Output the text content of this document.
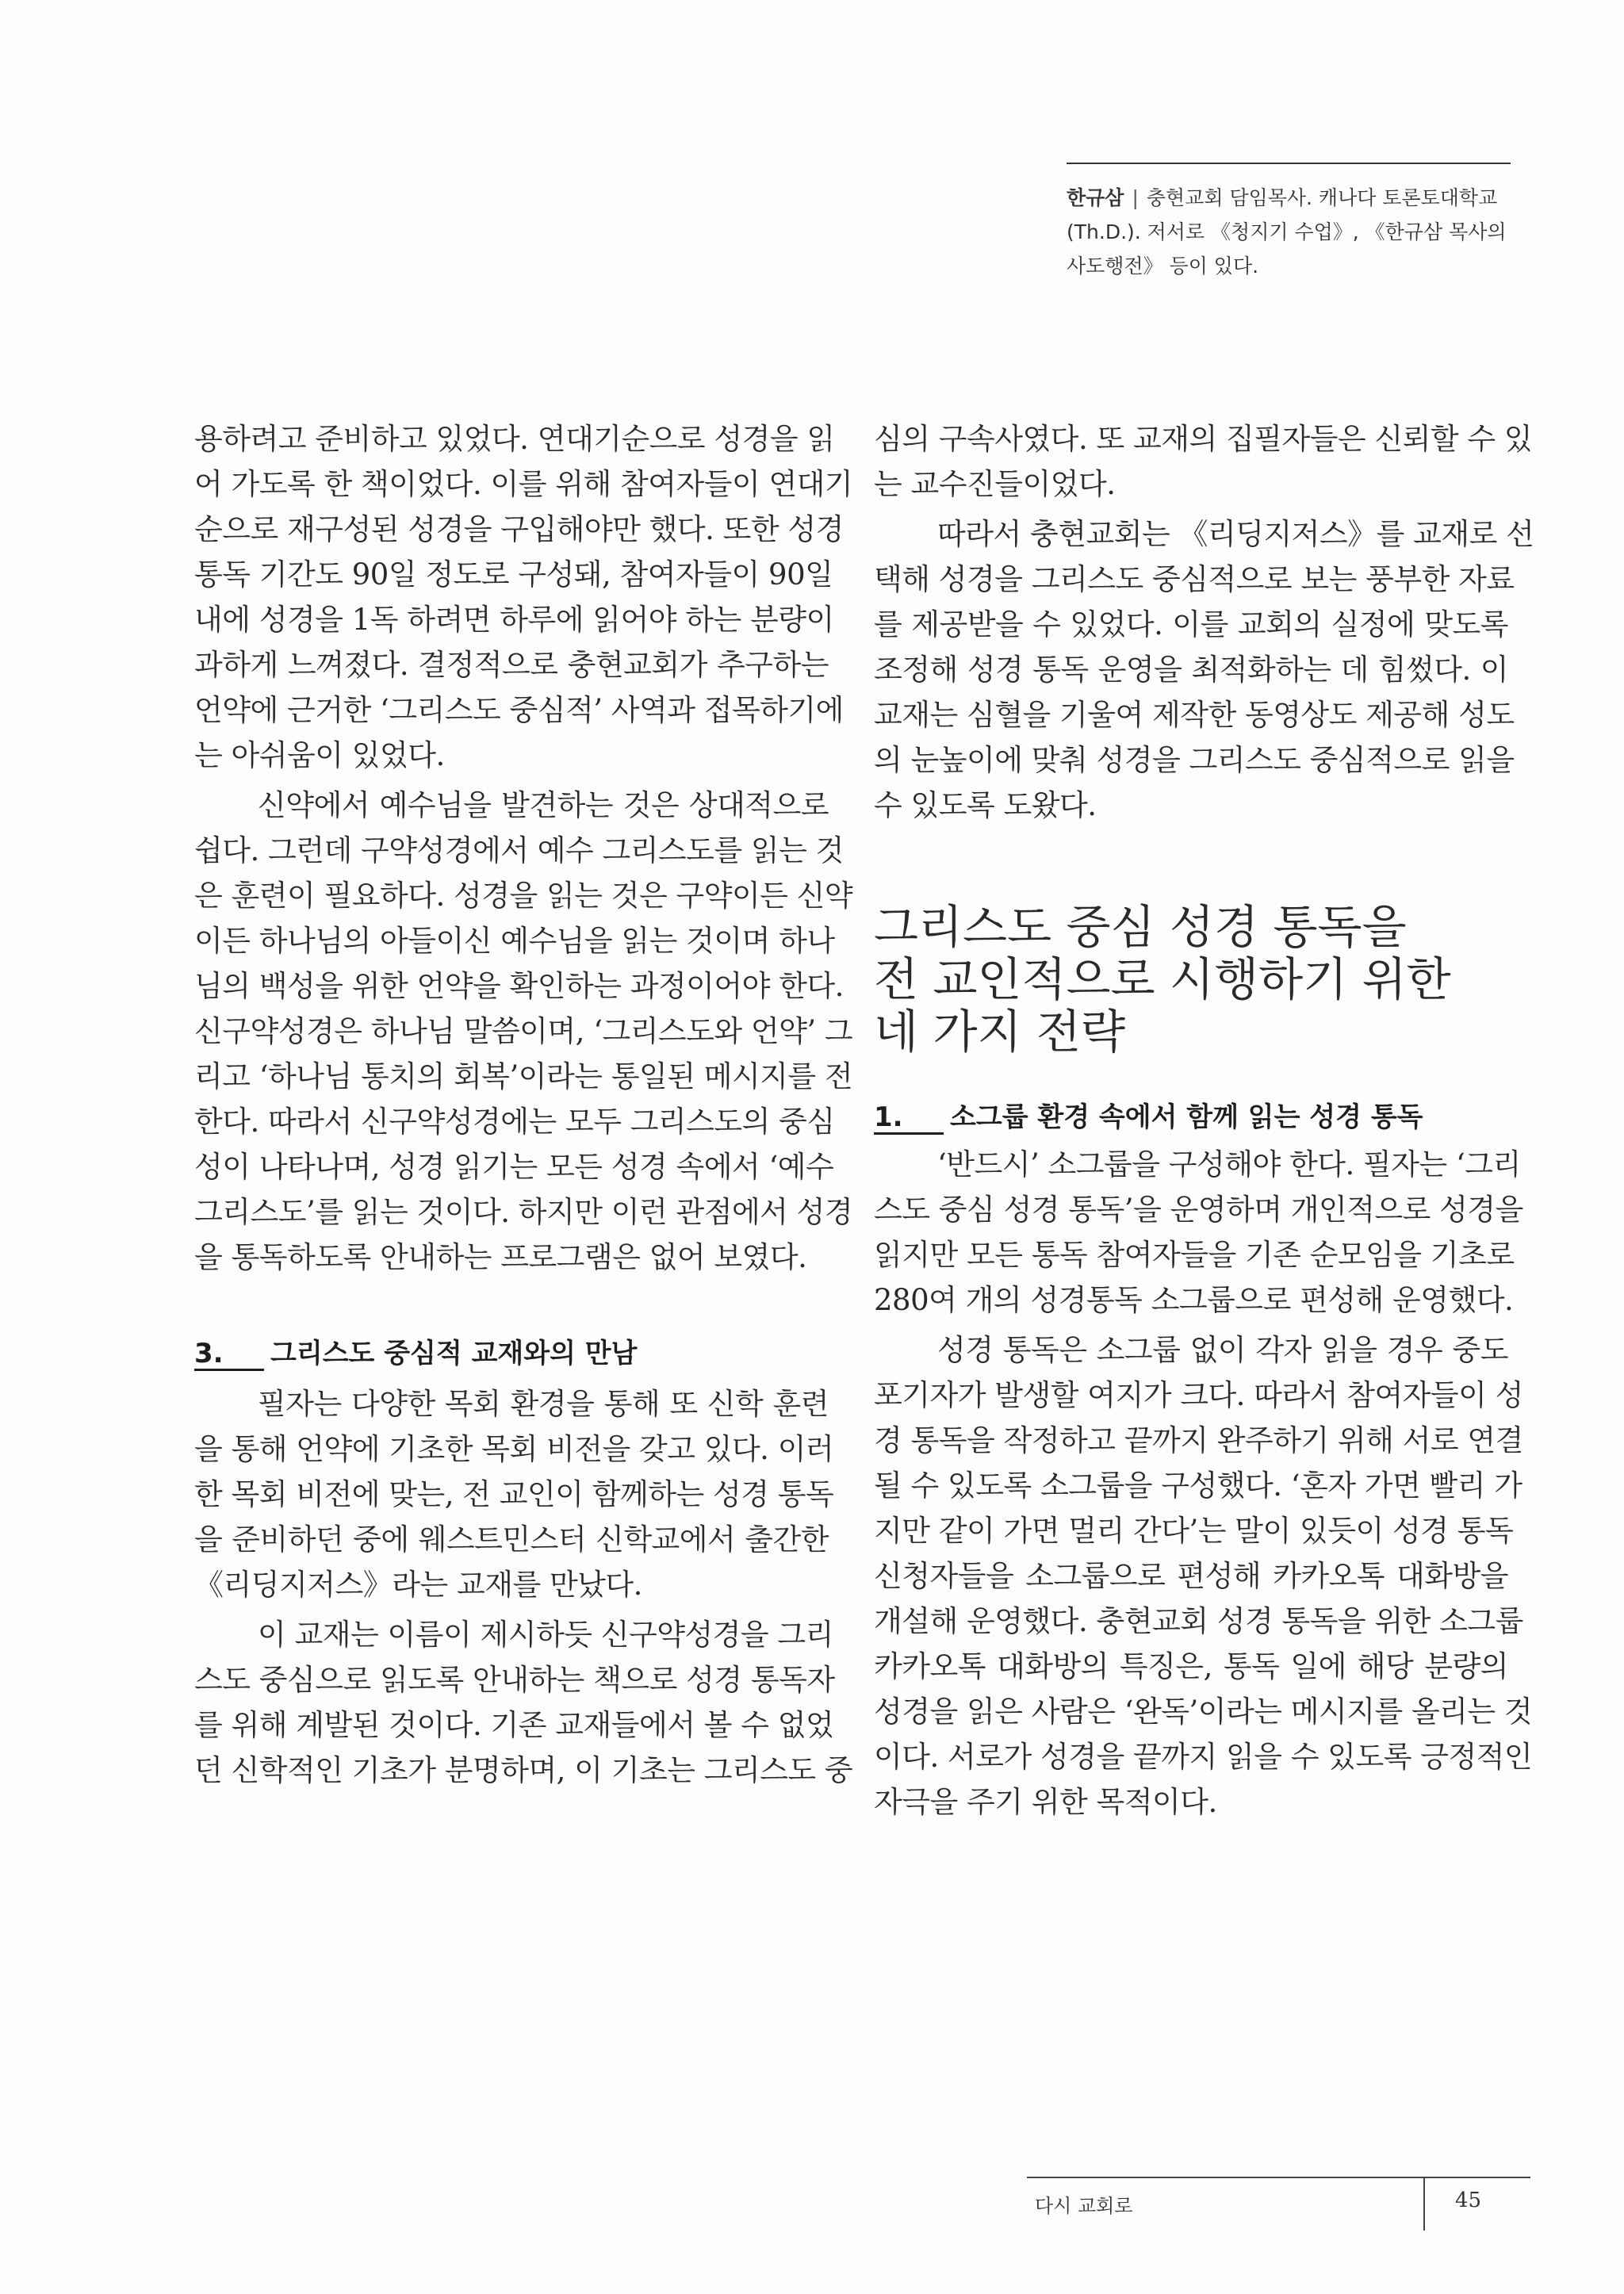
한규삼 | 충현교회 담임목사. 캐나다 토론토대학교
(Th.D.). 저서로 《청지기 수업》, 《한규삼 목사의
사도행전》 등이 있다.
용하려고 준비하고 있었다. 연대기순으로 성경을 읽
어 가도록 한 책이었다. 이를 위해 참여자들이 연대기
순으로 재구성된 성경을 구입해야만 했다. 또한 성경
통독 기간도 90일 정도로 구성돼, 참여자들이 90일
내에 성경을 1독 하려면 하루에 읽어야 하는 분량이
과하게 느껴졌다. 결정적으로 충현교회가 추구하는
언약에 근거한 ‘그리스도 중심적’ 사역과 접목하기에
는 아쉬움이 있었다.
신약에서 예수님을 발견하는 것은 상대적으로
쉽다. 그런데 구약성경에서 예수 그리스도를 읽는 것
은 훈련이 필요하다. 성경을 읽는 것은 구약이든 신약
이든 하나님의 아들이신 예수님을 읽는 것이며 하나
님의 백성을 위한 언약을 확인하는 과정이어야 한다.
신구약성경은 하나님 말씀이며, ‘그리스도와 언약’ 그
리고 ‘하나님 통치의 회복’이라는 통일된 메시지를 전
한다. 따라서 신구약성경에는 모두 그리스도의 중심
성이 나타나며, 성경 읽기는 모든 성경 속에서 ‘예수
그리스도’를 읽는 것이다. 하지만 이런 관점에서 성경
을 통독하도록 안내하는 프로그램은 없어 보였다.
3.	그리스도 중심적 교재와의 만남
필자는 다양한 목회 환경을 통해 또 신학 훈련
을 통해 언약에 기초한 목회 비전을 갖고 있다. 이러
한 목회 비전에 맞는, 전 교인이 함께하는 성경 통독
을 준비하던 중에 웨스트민스터 신학교에서 출간한
《리딩지저스》라는 교재를 만났다.
이 교재는 이름이 제시하듯 신구약성경을 그리
스도 중심으로 읽도록 안내하는 책으로 성경 통독자
를 위해 계발된 것이다. 기존 교재들에서 볼 수 없었
던 신학적인 기초가 분명하며, 이 기초는 그리스도 중
심의 구속사였다. 또 교재의 집필자들은 신뢰할 수 있
는 교수진들이었다.
따라서 충현교회는 《리딩지저스》를 교재로 선
택해 성경을 그리스도 중심적으로 보는 풍부한 자료
를 제공받을 수 있었다. 이를 교회의 실정에 맞도록
조정해 성경 통독 운영을 최적화하는 데 힘썼다. 이
교재는 심혈을 기울여 제작한 동영상도 제공해 성도
의 눈높이에 맞춰 성경을 그리스도 중심적으로 읽을
수 있도록 도왔다.
그리스도 중심 성경 통독을
전 교인적으로 시행하기 위한
네 가지 전략
1.	소그룹 환경 속에서 함께 읽는 성경 통독
‘반드시’ 소그룹을 구성해야 한다. 필자는 ‘그리
스도 중심 성경 통독’을 운영하며 개인적으로 성경을
읽지만 모든 통독 참여자들을 기존 순모임을 기초로
280여 개의 성경통독 소그룹으로 편성해 운영했다.
성경 통독은 소그룹 없이 각자 읽을 경우 중도
포기자가 발생할 여지가 크다. 따라서 참여자들이 성
경 통독을 작정하고 끝까지 완주하기 위해 서로 연결
될 수 있도록 소그룹을 구성했다. ‘혼자 가면 빨리 가
지만 같이 가면 멀리 간다’는 말이 있듯이 성경 통독
신청자들을 소그룹으로 편성해 카카오톡 대화방을
개설해 운영했다. 충현교회 성경 통독을 위한 소그룹
카카오톡 대화방의 특징은, 통독 일에 해당 분량의
성경을 읽은 사람은 ‘완독’이라는 메시지를 올리는 것
이다. 서로가 성경을 끝까지 읽을 수 있도록 긍정적인
자극을 주기 위한 목적이다.
다시 교회로	45
